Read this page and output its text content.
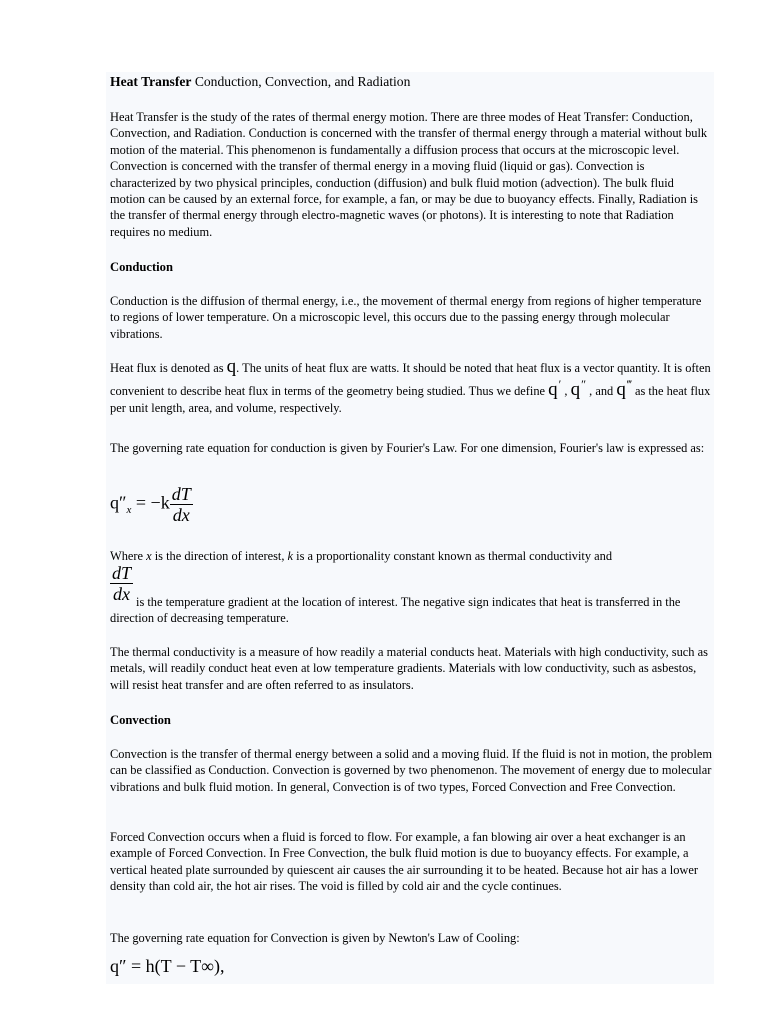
Heat Transfer Conduction, Convection, and Radiation

Heat Transfer is the study of the rates of thermal energy motion. There are three modes of Heat Transfer: Conduction, Convection, and Radiation. Conduction is concerned with the transfer of thermal energy through a material without bulk motion of the material. This phenomenon is fundamentally a diffusion process that occurs at the microscopic level. Convection is concerned with the transfer of thermal energy in a moving fluid (liquid or gas). Convection is characterized by two physical principles, conduction (diffusion) and bulk fluid motion (advection). The bulk fluid motion can be caused by an external force, for example, a fan, or may be due to buoyancy effects. Finally, Radiation is the transfer of thermal energy through electro-magnetic waves (or photons). It is interesting to note that Radiation requires no medium.

Conduction

Conduction is the diffusion of thermal energy, i.e., the movement of thermal energy from regions of higher temperature to regions of lower temperature. On a microscopic level, this occurs due to the passing energy through molecular vibrations.

Heat flux is denoted as q. The units of heat flux are watts. It should be noted that heat flux is a vector quantity. It is often convenient to describe heat flux in terms of the geometry being studied. Thus we define q′ , q″ , and q‴ as the heat flux per unit length, area, and volume, respectively.

The governing rate equation for conduction is given by Fourier's Law. For one dimension, Fourier's law is expressed as:

$q''_x = -k \frac{dT}{dx}$

Where x is the direction of interest, k is a proportionality constant known as thermal conductivity and

$\frac{dT}{dx}$ is the temperature gradient at the location of interest. The negative sign indicates that heat is transferred in the direction of decreasing temperature.

The thermal conductivity is a measure of how readily a material conducts heat. Materials with high conductivity, such as metals, will readily conduct heat even at low temperature gradients. Materials with low conductivity, such as asbestos, will resist heat transfer and are often referred to as insulators.

Convection

Convection is the transfer of thermal energy between a solid and a moving fluid. If the fluid is not in motion, the problem can be classified as Conduction. Convection is governed by two phenomenon. The movement of energy due to molecular vibrations and bulk fluid motion. In general, Convection is of two types, Forced Convection and Free Convection.

Forced Convection occurs when a fluid is forced to flow. For example, a fan blowing air over a heat exchanger is an example of Forced Convection. In Free Convection, the bulk fluid motion is due to buoyancy effects. For example, a vertical heated plate surrounded by quiescent air causes the air surrounding it to be heated. Because hot air has a lower density than cold air, the hot air rises. The void is filled by cold air and the cycle continues.

The governing rate equation for Convection is given by Newton's Law of Cooling:

q″ = h(T − T∞),
